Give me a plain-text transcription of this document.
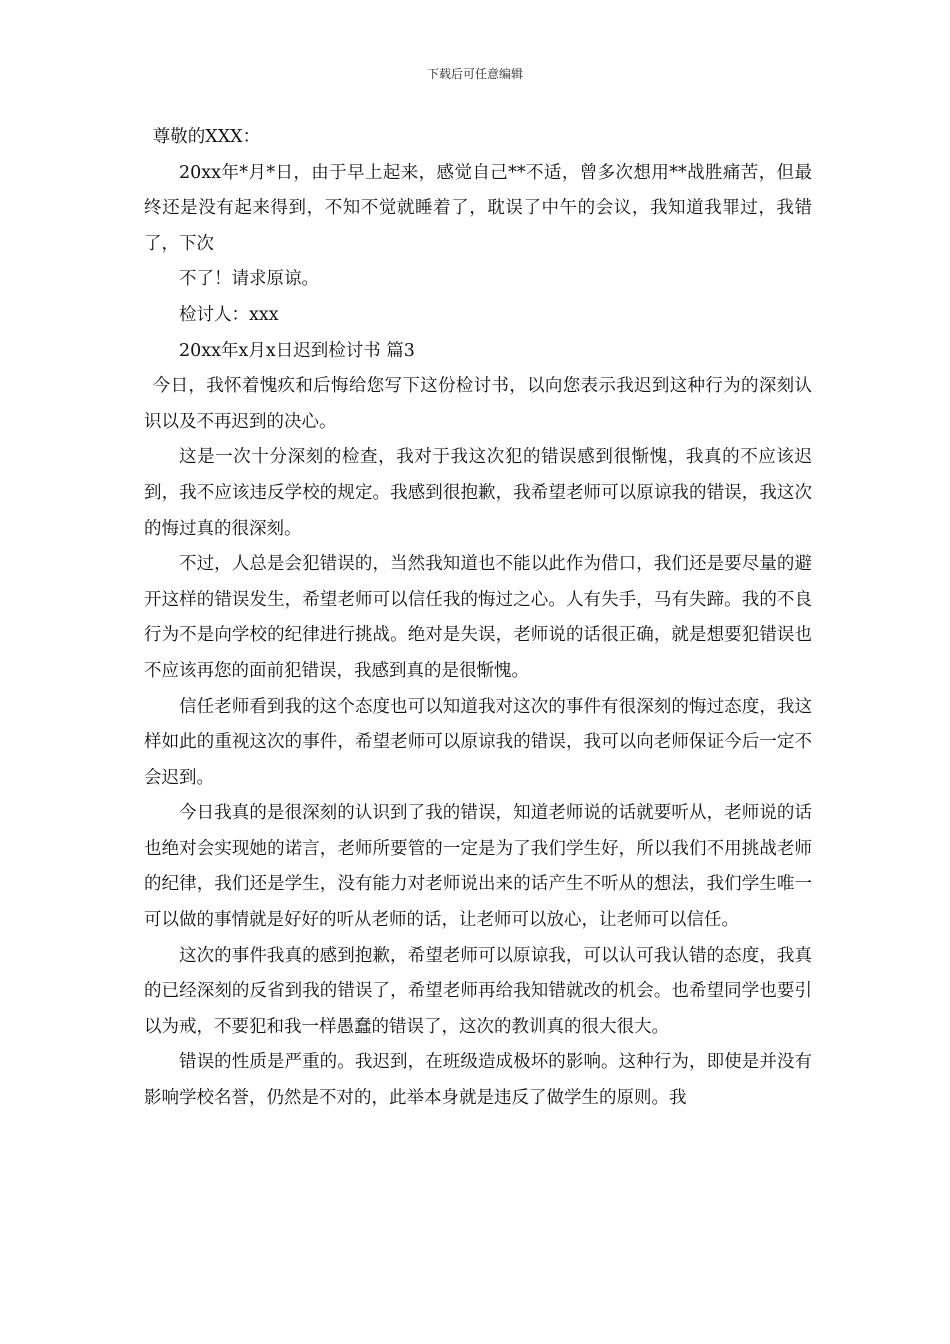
下载后可任意编辑

尊敬的XXX：

20xx年*月*日，由于早上起来，感觉自己**不适，曾多次想用**战胜痛苦，但最终还是没有起来得到，不知不觉就睡着了，耽误了中午的会议，我知道我罪过，我错了，下次

不了！请求原谅。

检讨人：xxx

20xx年x月x日迟到检讨书 篇3

今日，我怀着愧疚和后悔给您写下这份检讨书，以向您表示我迟到这种行为的深刻认识以及不再迟到的决心。

这是一次十分深刻的检查，我对于我这次犯的错误感到很惭愧，我真的不应该迟到，我不应该违反学校的规定。我感到很抱歉，我希望老师可以原谅我的错误，我这次的悔过真的很深刻。

不过，人总是会犯错误的，当然我知道也不能以此作为借口，我们还是要尽量的避开这样的错误发生，希望老师可以信任我的悔过之心。人有失手，马有失蹄。我的不良行为不是向学校的纪律进行挑战。绝对是失误，老师说的话很正确，就是想要犯错误也不应该再您的面前犯错误，我感到真的是很惭愧。

信任老师看到我的这个态度也可以知道我对这次的事件有很深刻的悔过态度，我这样如此的重视这次的事件，希望老师可以原谅我的错误，我可以向老师保证今后一定不会迟到。

今日我真的是很深刻的认识到了我的错误，知道老师说的话就要听从，老师说的话也绝对会实现她的诺言，老师所要管的一定是为了我们学生好，所以我们不用挑战老师的纪律，我们还是学生，没有能力对老师说出来的话产生不听从的想法，我们学生唯一可以做的事情就是好好的听从老师的话，让老师可以放心，让老师可以信任。

这次的事件我真的感到抱歉，希望老师可以原谅我，可以认可我认错的态度，我真的已经深刻的反省到我的错误了，希望老师再给我知错就改的机会。也希望同学也要引以为戒，不要犯和我一样愚蠢的错误了，这次的教训真的很大很大。

错误的性质是严重的。我迟到，在班级造成极坏的影响。这种行为，即使是并没有影响学校名誉，仍然是不对的，此举本身就是违反了做学生的原则。我
